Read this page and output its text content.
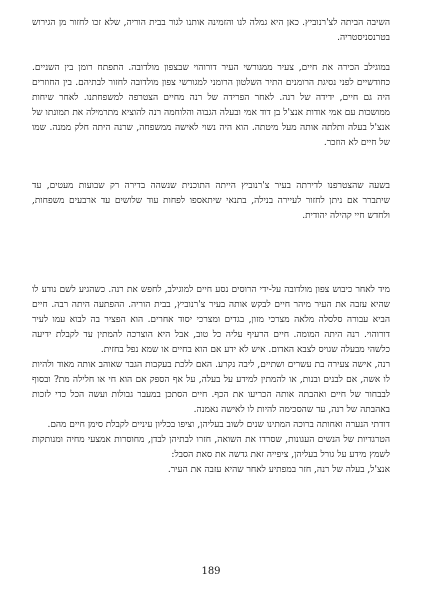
השיבה הביתה לצ'רנוביץ. כאן היא גמלה לנו והזמינה אותנו לגור בבית הוריה, שלא זכו לחזור מן הגירוש בטרנסניסטריה.

במוגילב הכירה את חיים, צעיר ממגורשי העיר דורוהוי שבצפון מולדובה. התפתח רומן בין השניים. כחודשיים לפני נסיגת הרומנים התיר השלטון הרומני למגורשי צפון מולדובה לחזור לבתיהם. בין החוזרים היה גם חיים, ידידה של רנה. לאחר הפרידה של רנה מחיים הצטרפה למשפחתנו. לאחר שיחות ממושכות עם אמי אודות אנצ'ל בן דוד אמי ובעלה הגבוה והלוחמה רנה להוציא מתרמילה את תמונתו של אנצ'ל בעלה ותלתה אותה מעל מיטתה. הוא היה נשוי לאישה ממשפחה, שרנה היתה חלק ממנה. שמו של חיים לא הוזכר.

בשעה שהצטרפנו לדירתה בעיר צ'רנוביץ הייתה התוכנית שנשהה בדירה רק שבועות מעטים, עד שיתברר אם ניתן לחזור לעיירה בנילה, בתנאי שיתאספו לפחות עוד שלושים עד ארבעים משפחות, ולחדש חיי קהילה יהודית.

מיד לאחר כיבוש צפון מולדובה על-ידי הרוסים נסע חיים למוגילב, לחפש את רנה. כשהגיע לשם נודע לו שהיא עזבה את העיר מיהר חיים לבקש אותה בעיר צ'רנוביץ, בבית הוריה. ההפתעה היתה רבה. חיים הביא עבורה סלסלה מלאה מצרכי מזון, בגדים ומצרכי יסוד אחרים. הוא הפציר בה לבוא עמו לעיר דורוהוי. רנה היתה המומה. חיים הרעיף עליה כל טוב, אבל היא הוצרכה להמתין עד לקבלת ידיעה כלשהי מבעלה שגויס לצבא האדום. איש לא ידע אם הוא בחיים או שמא נפל בחזית.

רנה, אישה צעירה בת עשרים ושתיים, ליבה נקרע. האם ללכת בעקבות הגבר שאוהב אותה מאוד ולהיות לו אשה, אם לבנים ובנות, או להמתין למידע על בעלה, על אף הספק אם הוא חי או חלילה מת? ובסוף לבבחור של חיים ואהבתה אותה הכריעו את הכף. חיים הסתכן במעבר גבולות ועשה הכל כדי לזכות באהבתה של רנה, עד שהסכימה להיות לו לאישה נאמנה.

דודתי הנערה ואחותה ברוכה המתינו שנים לשוב בעליהן, וציפו בכליון עיניים לקבלת סימן חיים מהם.

הטרגדיות של הנשים העגונות, שסרדו את השואה, חזרו לבתיהן לבדן, מחוסרות אמצעי מחיה ומנותקות לשמץ מידע על גורל בעליהן, ציפייה זאת גדשה את סאת הסבל:

אנצ'ל, בעלה של רנה, חזר במפתיע לאחר שהיא עזבה את העיר.

189
